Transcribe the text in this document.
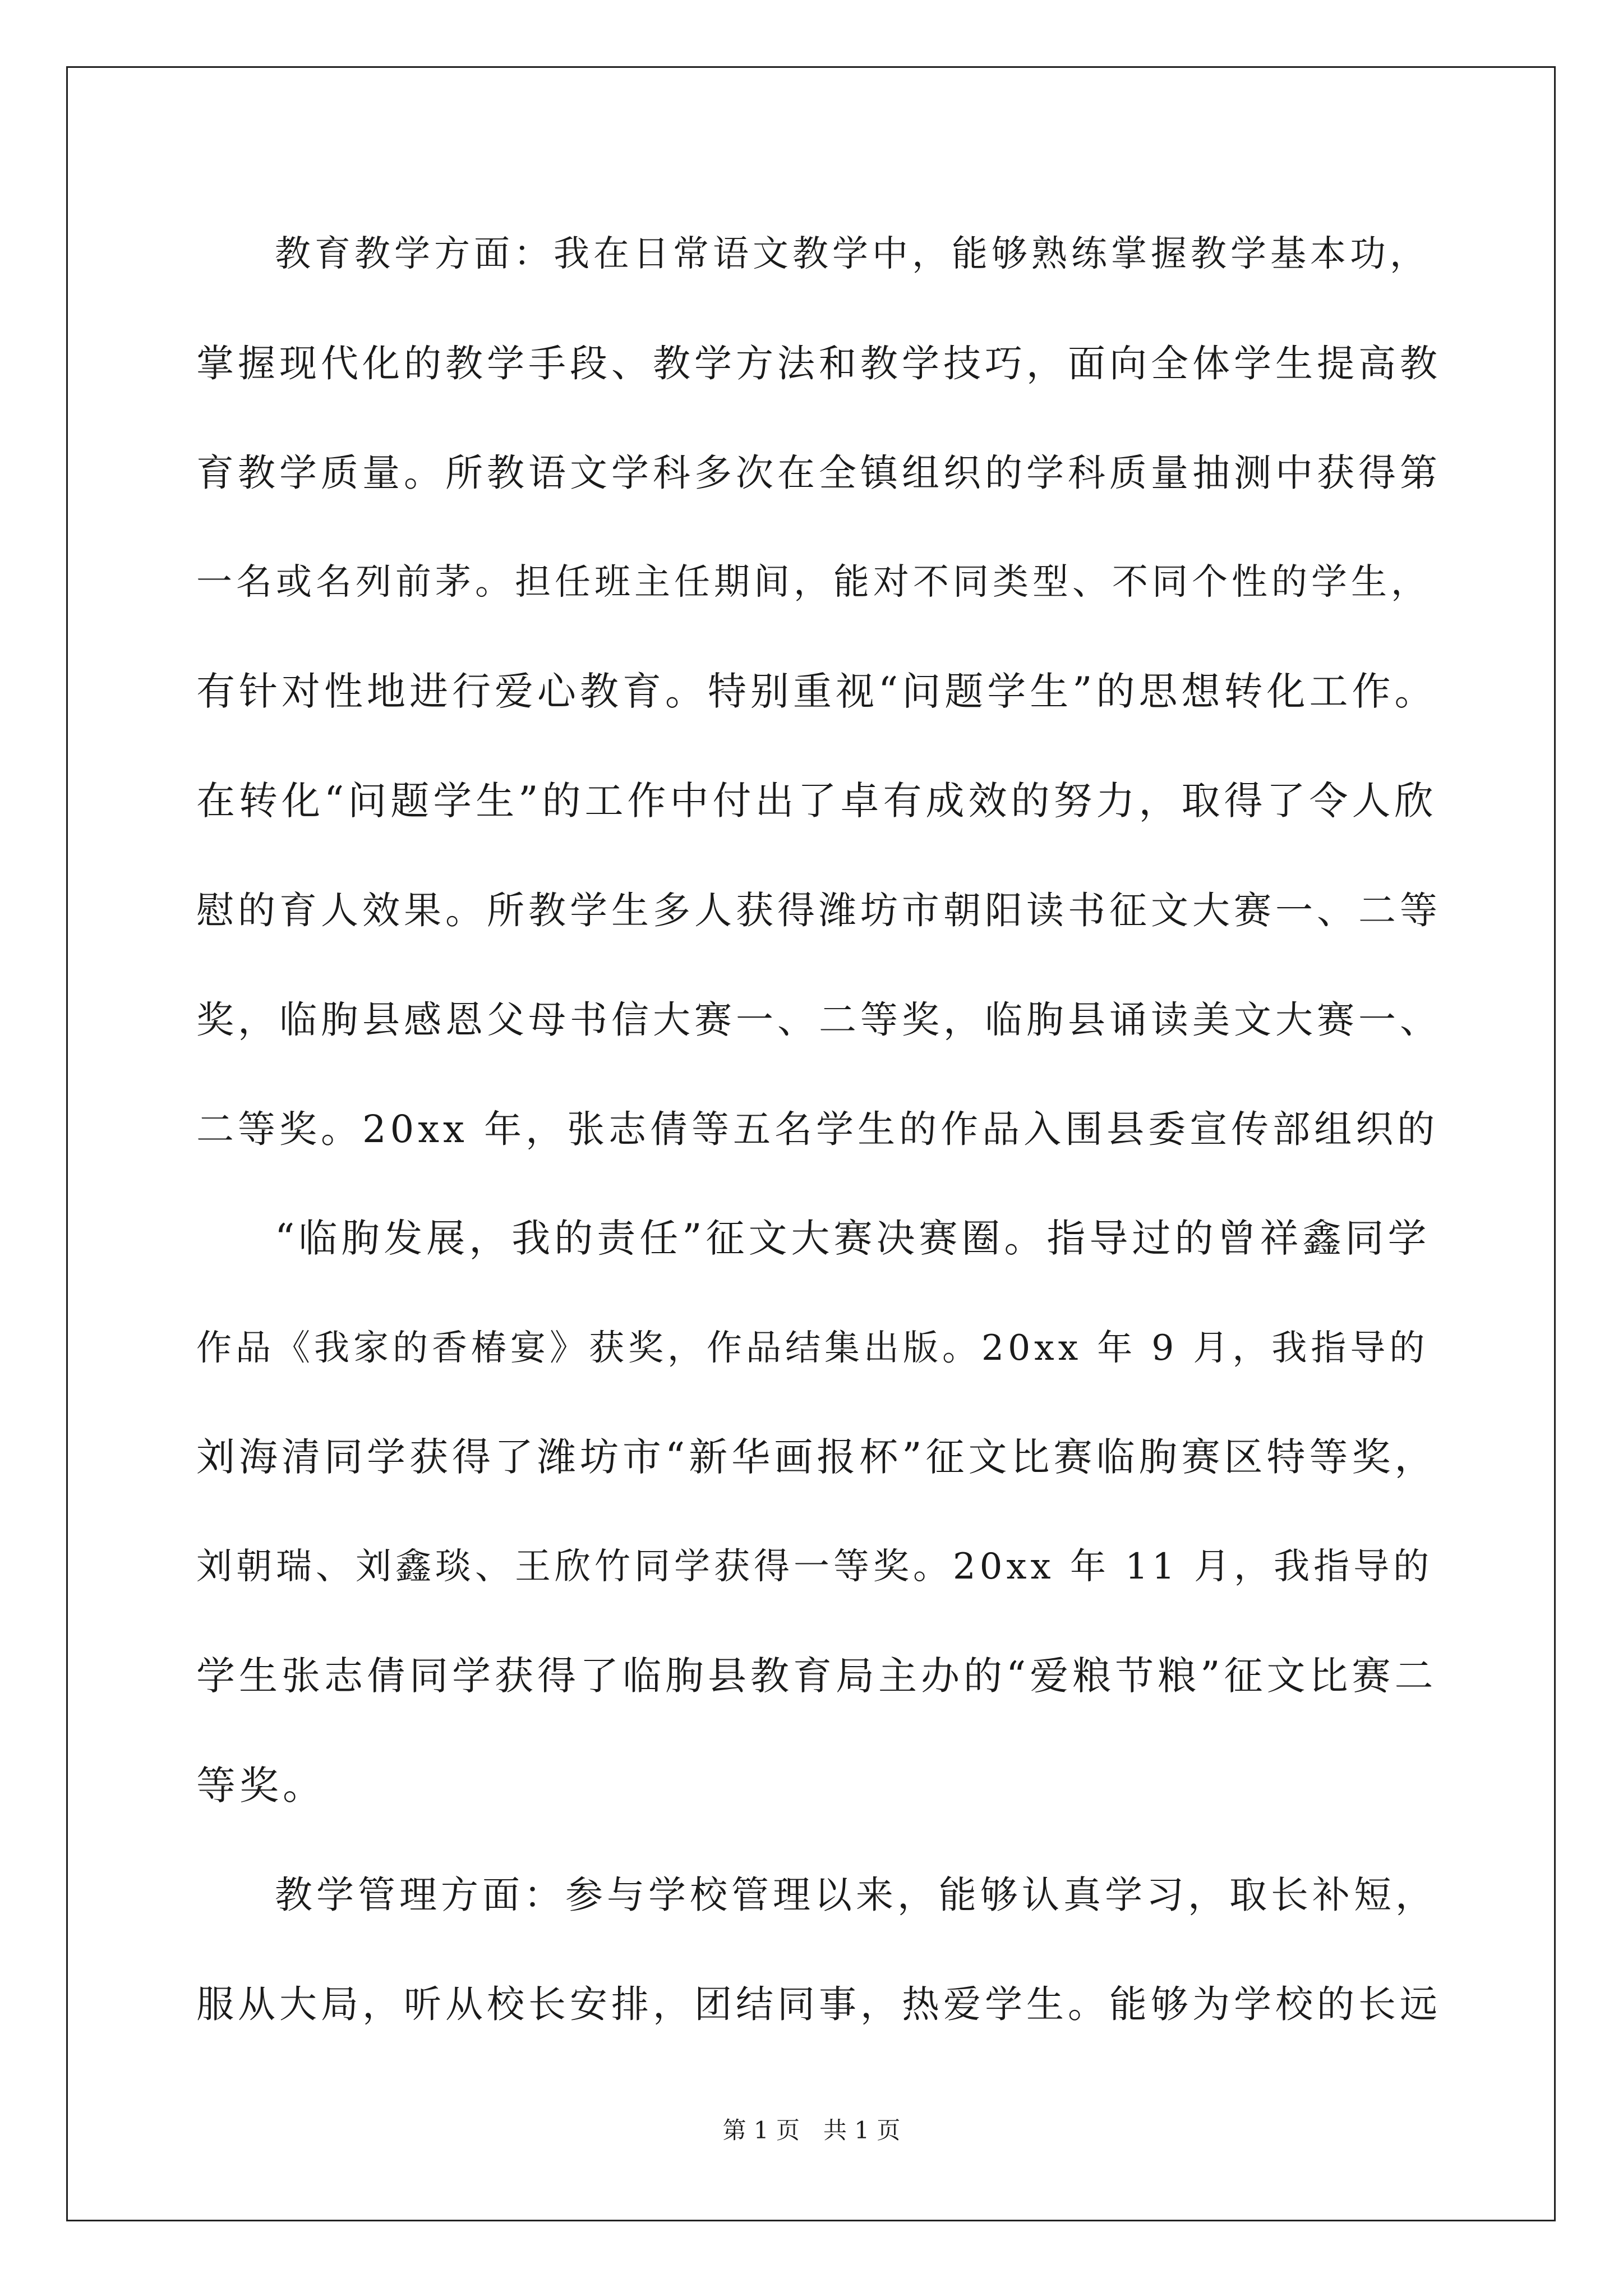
教育教学方面：我在日常语文教学中，能够熟练掌握教学基本功，
掌握现代化的教学手段、教学方法和教学技巧，面向全体学生提高教
育教学质量。所教语文学科多次在全镇组织的学科质量抽测中获得第
一名或名列前茅。担任班主任期间，能对不同类型、不同个性的学生，
有针对性地进行爱心教育。特别重视“问题学生”的思想转化工作。
在转化“问题学生”的工作中付出了卓有成效的努力，取得了令人欣
慰的育人效果。所教学生多人获得潍坊市朝阳读书征文大赛一、二等
奖，临朐县感恩父母书信大赛一、二等奖，临朐县诵读美文大赛一、
二等奖。20xx 年，张志倩等五名学生的作品入围县委宣传部组织的
“临朐发展，我的责任”征文大赛决赛圈。指导过的曾祥鑫同学
作品《我家的香椿宴》获奖，作品结集出版。20xx 年 9 月，我指导的
刘海清同学获得了潍坊市“新华画报杯”征文比赛临朐赛区特等奖，
刘朝瑞、刘鑫琰、王欣竹同学获得一等奖。20xx 年 11 月，我指导的
学生张志倩同学获得了临朐县教育局主办的“爱粮节粮”征文比赛二
等奖。
教学管理方面：参与学校管理以来，能够认真学习，取长补短，
服从大局，听从校长安排，团结同事，热爱学生。能够为学校的长远
第 1 页　共 1 页
